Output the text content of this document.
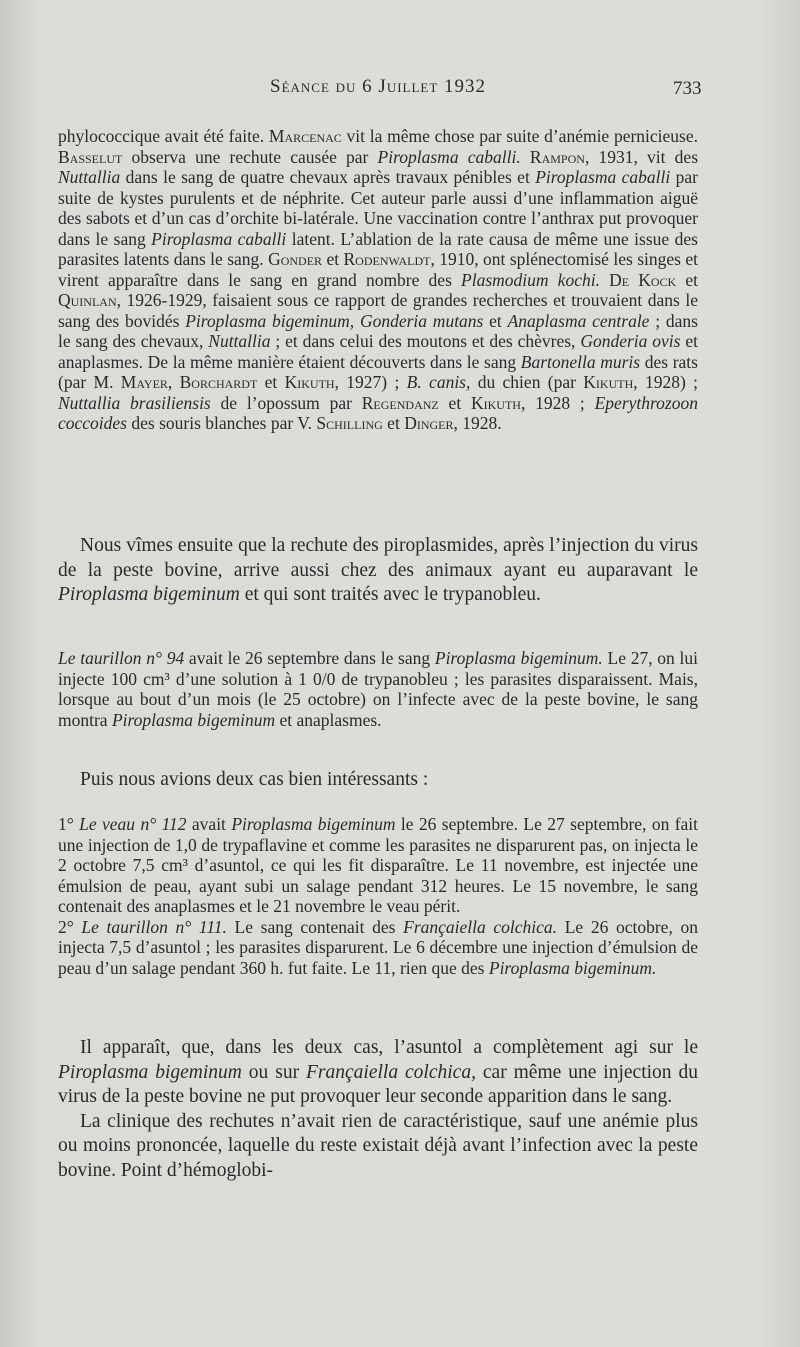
Séance du 6 Juillet 1932	733

phylococcique avait été faite. Marcenac vit la même chose par suite d’anémie pernicieuse. Basselut observa une rechute causée par Piroplasma caballi. Rampon, 1931, vit des Nuttallia dans le sang de quatre chevaux après travaux pénibles et Piroplasma caballi par suite de kystes purulents et de néphrite. Cet auteur parle aussi d’une inflammation aiguë des sabots et d’un cas d’orchite bi-latérale. Une vaccination contre l’anthrax put provoquer dans le sang Piroplasma caballi latent. L’ablation de la rate causa de même une issue des parasites latents dans le sang. Gonder et Rodenwaldt, 1910, ont splénectomisé les singes et virent apparaître dans le sang en grand nombre des Plasmodium kochi. De Kock et Quinlan, 1926-1929, faisaient sous ce rapport de grandes recherches et trouvaient dans le sang des bovidés Piroplasma bigeminum, Gonderia mutans et Anaplasma centrale ; dans le sang des chevaux, Nuttallia ; et dans celui des moutons et des chèvres, Gonderia ovis et anaplasmes. De la même manière étaient découverts dans le sang Bartonella muris des rats (par M. Mayer, Borchardt et Kikuth, 1927) ; B. canis, du chien (par Kikuth, 1928) ; Nuttallia brasiliensis de l’opossum par Regendanz et Kikuth, 1928 ; Eperythrozoon coccoides des souris blanches par V. Schilling et Dinger, 1928.

Nous vîmes ensuite que la rechute des piroplasmides, après l’injection du virus de la peste bovine, arrive aussi chez des animaux ayant eu auparavant le Piroplasma bigeminum et qui sont traités avec le trypanobleu.

Le taurillon n° 94 avait le 26 septembre dans le sang Piroplasma bigeminum. Le 27, on lui injecte 100 cm³ d’une solution à 1 0/0 de trypanobleu ; les parasites disparaissent. Mais, lorsque au bout d’un mois (le 25 octobre) on l’infecte avec de la peste bovine, le sang montra Piroplasma bigeminum et anaplasmes.

Puis nous avions deux cas bien intéressants :

1° Le veau n° 112 avait Piroplasma bigeminum le 26 septembre. Le 27 septembre, on fait une injection de 1,0 de trypaflavine et comme les parasites ne disparurent pas, on injecta le 2 octobre 7,5 cm³ d’asuntol, ce qui les fit disparaître. Le 11 novembre, est injectée une émulsion de peau, ayant subi un salage pendant 312 heures. Le 15 novembre, le sang contenait des anaplasmes et le 21 novembre le veau périt.

2° Le taurillon n° 111. Le sang contenait des Françaiella colchica. Le 26 octobre, on injecta 7,5 d’asuntol ; les parasites disparurent. Le 6 décembre une injection d’émulsion de peau d’un salage pendant 360 h. fut faite. Le 11, rien que des Piroplasma bigeminum.

Il apparaît, que, dans les deux cas, l’asuntol a complètement agi sur le Piroplasma bigeminum ou sur Françaiella colchica, car même une injection du virus de la peste bovine ne put provoquer leur seconde apparition dans le sang.

La clinique des rechutes n’avait rien de caractéristique, sauf une anémie plus ou moins prononcée, laquelle du reste existait déjà avant l’infection avec la peste bovine. Point d’hémoglobi-
